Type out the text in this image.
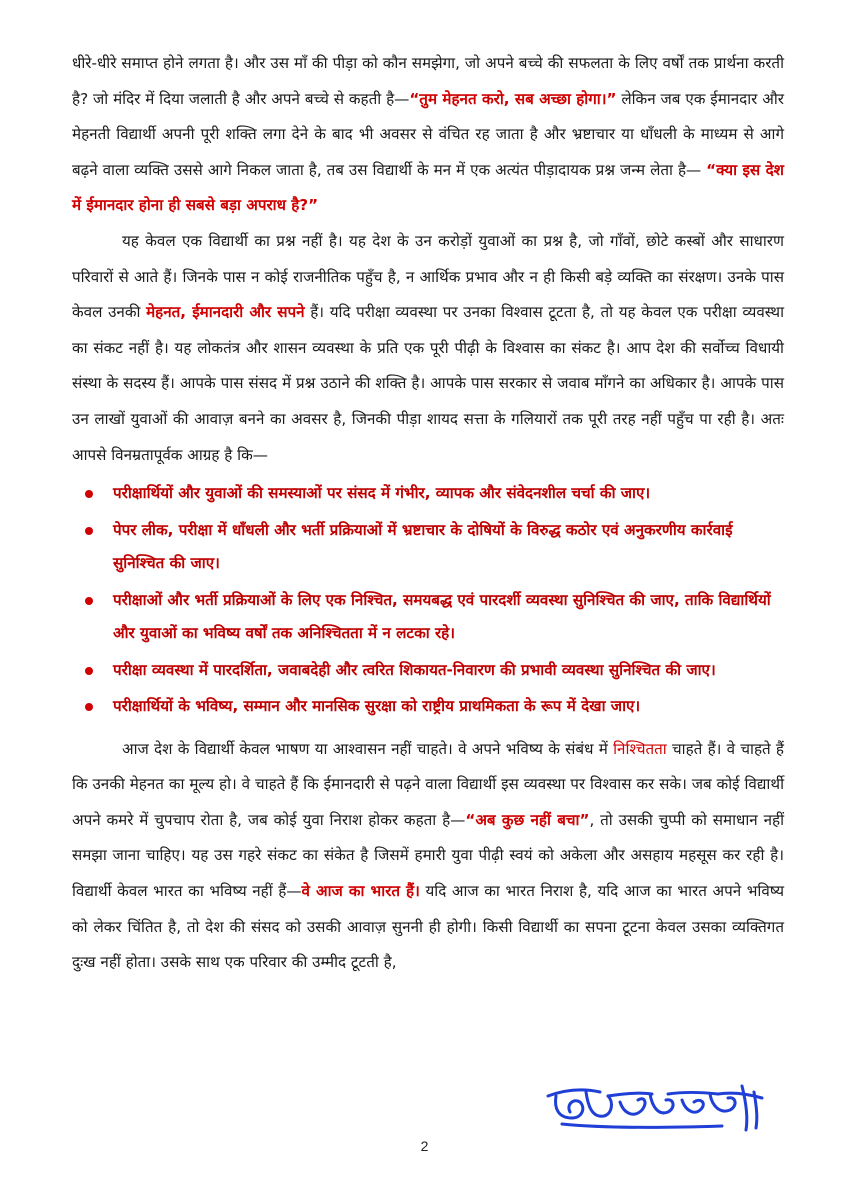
धीरे-धीरे समाप्त होने लगता है। और उस माँ की पीड़ा को कौन समझेगा, जो अपने बच्चे की सफलता के लिए वर्षों तक प्रार्थना करती है? जो मंदिर में दिया जलाती है और अपने बच्चे से कहती है—“तुम मेहनत करो, सब अच्छा होगा।” लेकिन जब एक ईमानदार और मेहनती विद्यार्थी अपनी पूरी शक्ति लगा देने के बाद भी अवसर से वंचित रह जाता है और भ्रष्टाचार या धाँधली के माध्यम से आगे बढ़ने वाला व्यक्ति उससे आगे निकल जाता है, तब उस विद्यार्थी के मन में एक अत्यंत पीड़ादायक प्रश्न जन्म लेता है— “क्या इस देश में ईमानदार होना ही सबसे बड़ा अपराध है?”

यह केवल एक विद्यार्थी का प्रश्न नहीं है। यह देश के उन करोड़ों युवाओं का प्रश्न है, जो गाँवों, छोटे कस्बों और साधारण परिवारों से आते हैं। जिनके पास न कोई राजनीतिक पहुँच है, न आर्थिक प्रभाव और न ही किसी बड़े व्यक्ति का संरक्षण। उनके पास केवल उनकी मेहनत, ईमानदारी और सपने हैं। यदि परीक्षा व्यवस्था पर उनका विश्वास टूटता है, तो यह केवल एक परीक्षा व्यवस्था का संकट नहीं है। यह लोकतंत्र और शासन व्यवस्था के प्रति एक पूरी पीढ़ी के विश्वास का संकट है। आप देश की सर्वोच्च विधायी संस्था के सदस्य हैं। आपके पास संसद में प्रश्न उठाने की शक्ति है। आपके पास सरकार से जवाब माँगने का अधिकार है। आपके पास उन लाखों युवाओं की आवाज़ बनने का अवसर है, जिनकी पीड़ा शायद सत्ता के गलियारों तक पूरी तरह नहीं पहुँच पा रही है। अतः आपसे विनम्रतापूर्वक आग्रह है कि—

परीक्षार्थियों और युवाओं की समस्याओं पर संसद में गंभीर, व्यापक और संवेदनशील चर्चा की जाए।
पेपर लीक, परीक्षा में धाँधली और भर्ती प्रक्रियाओं में भ्रष्टाचार के दोषियों के विरुद्ध कठोर एवं अनुकरणीय कार्रवाई सुनिश्चित की जाए।
परीक्षाओं और भर्ती प्रक्रियाओं के लिए एक निश्चित, समयबद्ध एवं पारदर्शी व्यवस्था सुनिश्चित की जाए, ताकि विद्यार्थियों और युवाओं का भविष्य वर्षों तक अनिश्चितता में न लटका रहे।
परीक्षा व्यवस्था में पारदर्शिता, जवाबदेही और त्वरित शिकायत-निवारण की प्रभावी व्यवस्था सुनिश्चित की जाए।
परीक्षार्थियों के भविष्य, सम्मान और मानसिक सुरक्षा को राष्ट्रीय प्राथमिकता के रूप में देखा जाए।

आज देश के विद्यार्थी केवल भाषण या आश्वासन नहीं चाहते। वे अपने भविष्य के संबंध में निश्चितता चाहते हैं। वे चाहते हैं कि उनकी मेहनत का मूल्य हो। वे चाहते हैं कि ईमानदारी से पढ़ने वाला विद्यार्थी इस व्यवस्था पर विश्वास कर सके। जब कोई विद्यार्थी अपने कमरे में चुपचाप रोता है, जब कोई युवा निराश होकर कहता है—“अब कुछ नहीं बचा”, तो उसकी चुप्पी को समाधान नहीं समझा जाना चाहिए। यह उस गहरे संकट का संकेत है जिसमें हमारी युवा पीढ़ी स्वयं को अकेला और असहाय महसूस कर रही है। विद्यार्थी केवल भारत का भविष्य नहीं हैं—वे आज का भारत हैं। यदि आज का भारत निराश है, यदि आज का भारत अपने भविष्य को लेकर चिंतित है, तो देश की संसद को उसकी आवाज़ सुननी ही होगी। किसी विद्यार्थी का सपना टूटना केवल उसका व्यक्तिगत दुःख नहीं होता। उसके साथ एक परिवार की उम्मीद टूटती है,

2
